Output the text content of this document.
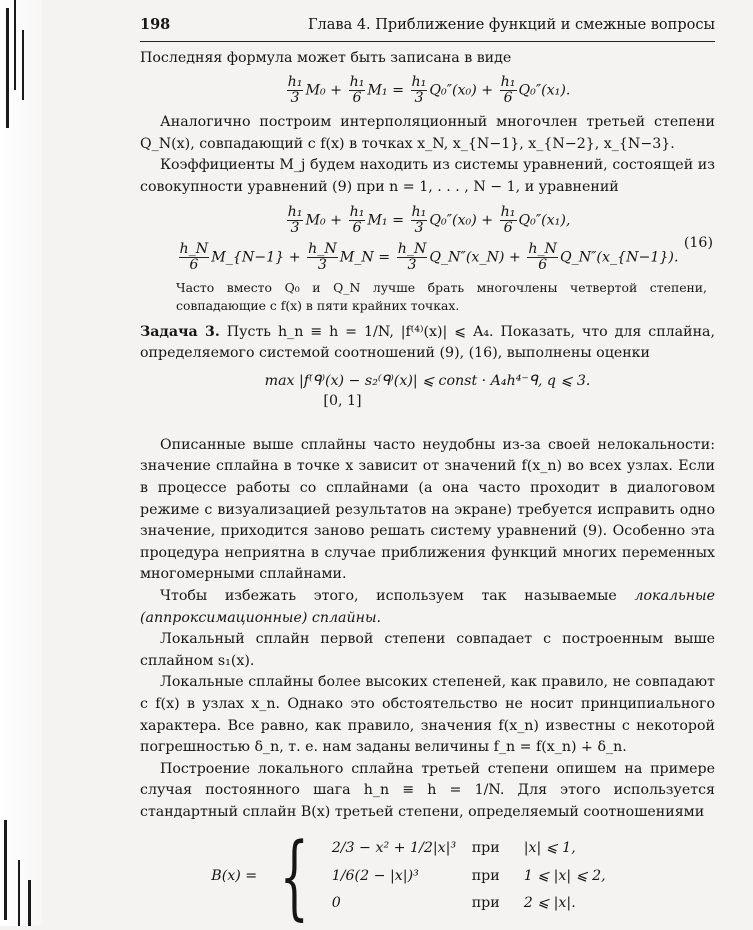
198	Глава 4. Приближение функций и смежные вопросы

Последняя формула может быть записана в виде

$\frac{\text{h₁}}{3} M_0 + \frac{\text{h₁}}{6} M_1 = \frac{\text{h₁}}{3} Q_0''(x_0) + \frac{\text{h₁}}{6} Q_0''(x_1)$.

Аналогично построим интерполяционный многочлен третьей степени Q_N(x), совпадающий с f(x) в точках x_N, x_{N−1}, x_{N−2}, x_{N−3}.

Коэффициенты M_j будем находить из системы уравнений, состоящей из совокупности уравнений (9) при n = 1, . . . , N − 1, и уравнений

$\frac{\text{h₁}}{3} M_0 + \frac{\text{h₁}}{6} M_1 = \frac{\text{h₁}}{3} Q_0''(x_0) + \frac{\text{h₁}}{6} Q_0''(x_1)$,
$\frac{h\_N}{6}$ M_{N−1} + $\frac{h\_N}{3}$ M_N = $\frac{h\_N}{3}$ Q_N″(x_N) + $\frac{h\_N}{6}$ Q_N″(x_{N−1}).
(16)

Часто вместо Q₀ и Q_N лучше брать многочлены четвертой степени, совпадающие с f(x) в пяти крайних точках.

Задача 3. Пусть h_n ≡ h = 1/N, |f⁽⁴⁾(x)| ⩽ A₄. Показать, что для сплайна, определяемого системой соотношений (9), (16), выполнены оценки

max |f⁽ᑫ⁾(x) − s₂⁽ᑫ⁾(x)| ⩽ const · A₄h⁴⁻ᑫ, q ⩽ 3.
[0, 1]

Описанные выше сплайны часто неудобны из-за своей нелокальности: значение сплайна в точке x зависит от значений f(x_n) во всех узлах. Если в процессе работы со сплайнами (а она часто проходит в диалоговом режиме с визуализацией результатов на экране) требуется исправить одно значение, приходится заново решать систему уравнений (9). Особенно эта процедура неприятна в случае приближения функций многих переменных многомерными сплайнами.

Чтобы избежать этого, используем так называемые локальные (аппроксимационные) сплайны.

Локальный сплайн первой степени совпадает с построенным выше сплайном s₁(x).

Локальные сплайны более высоких степеней, как правило, не совпадают с f(x) в узлах x_n. Однако это обстоятельство не носит принципиального характера. Все равно, как правило, значения f(x_n) известны с некоторой погрешностью δ_n, т. е. нам заданы величины f_n = f(x_n) ∔ δ_n.

Построение локального сплайна третьей степени опишем на примере случая постоянного шага h_n ≡ h = 1/N. Для этого используется стандартный сплайн B(x) третьей степени, определяемый соотношениями

B(x) = { 2/3 − x² + 1/2|x|³	при	|x| ⩽ 1,
1/6(2 − |x|)³	при	1 ⩽ |x| ⩽ 2,
0	при	2 ⩽ |x|.
